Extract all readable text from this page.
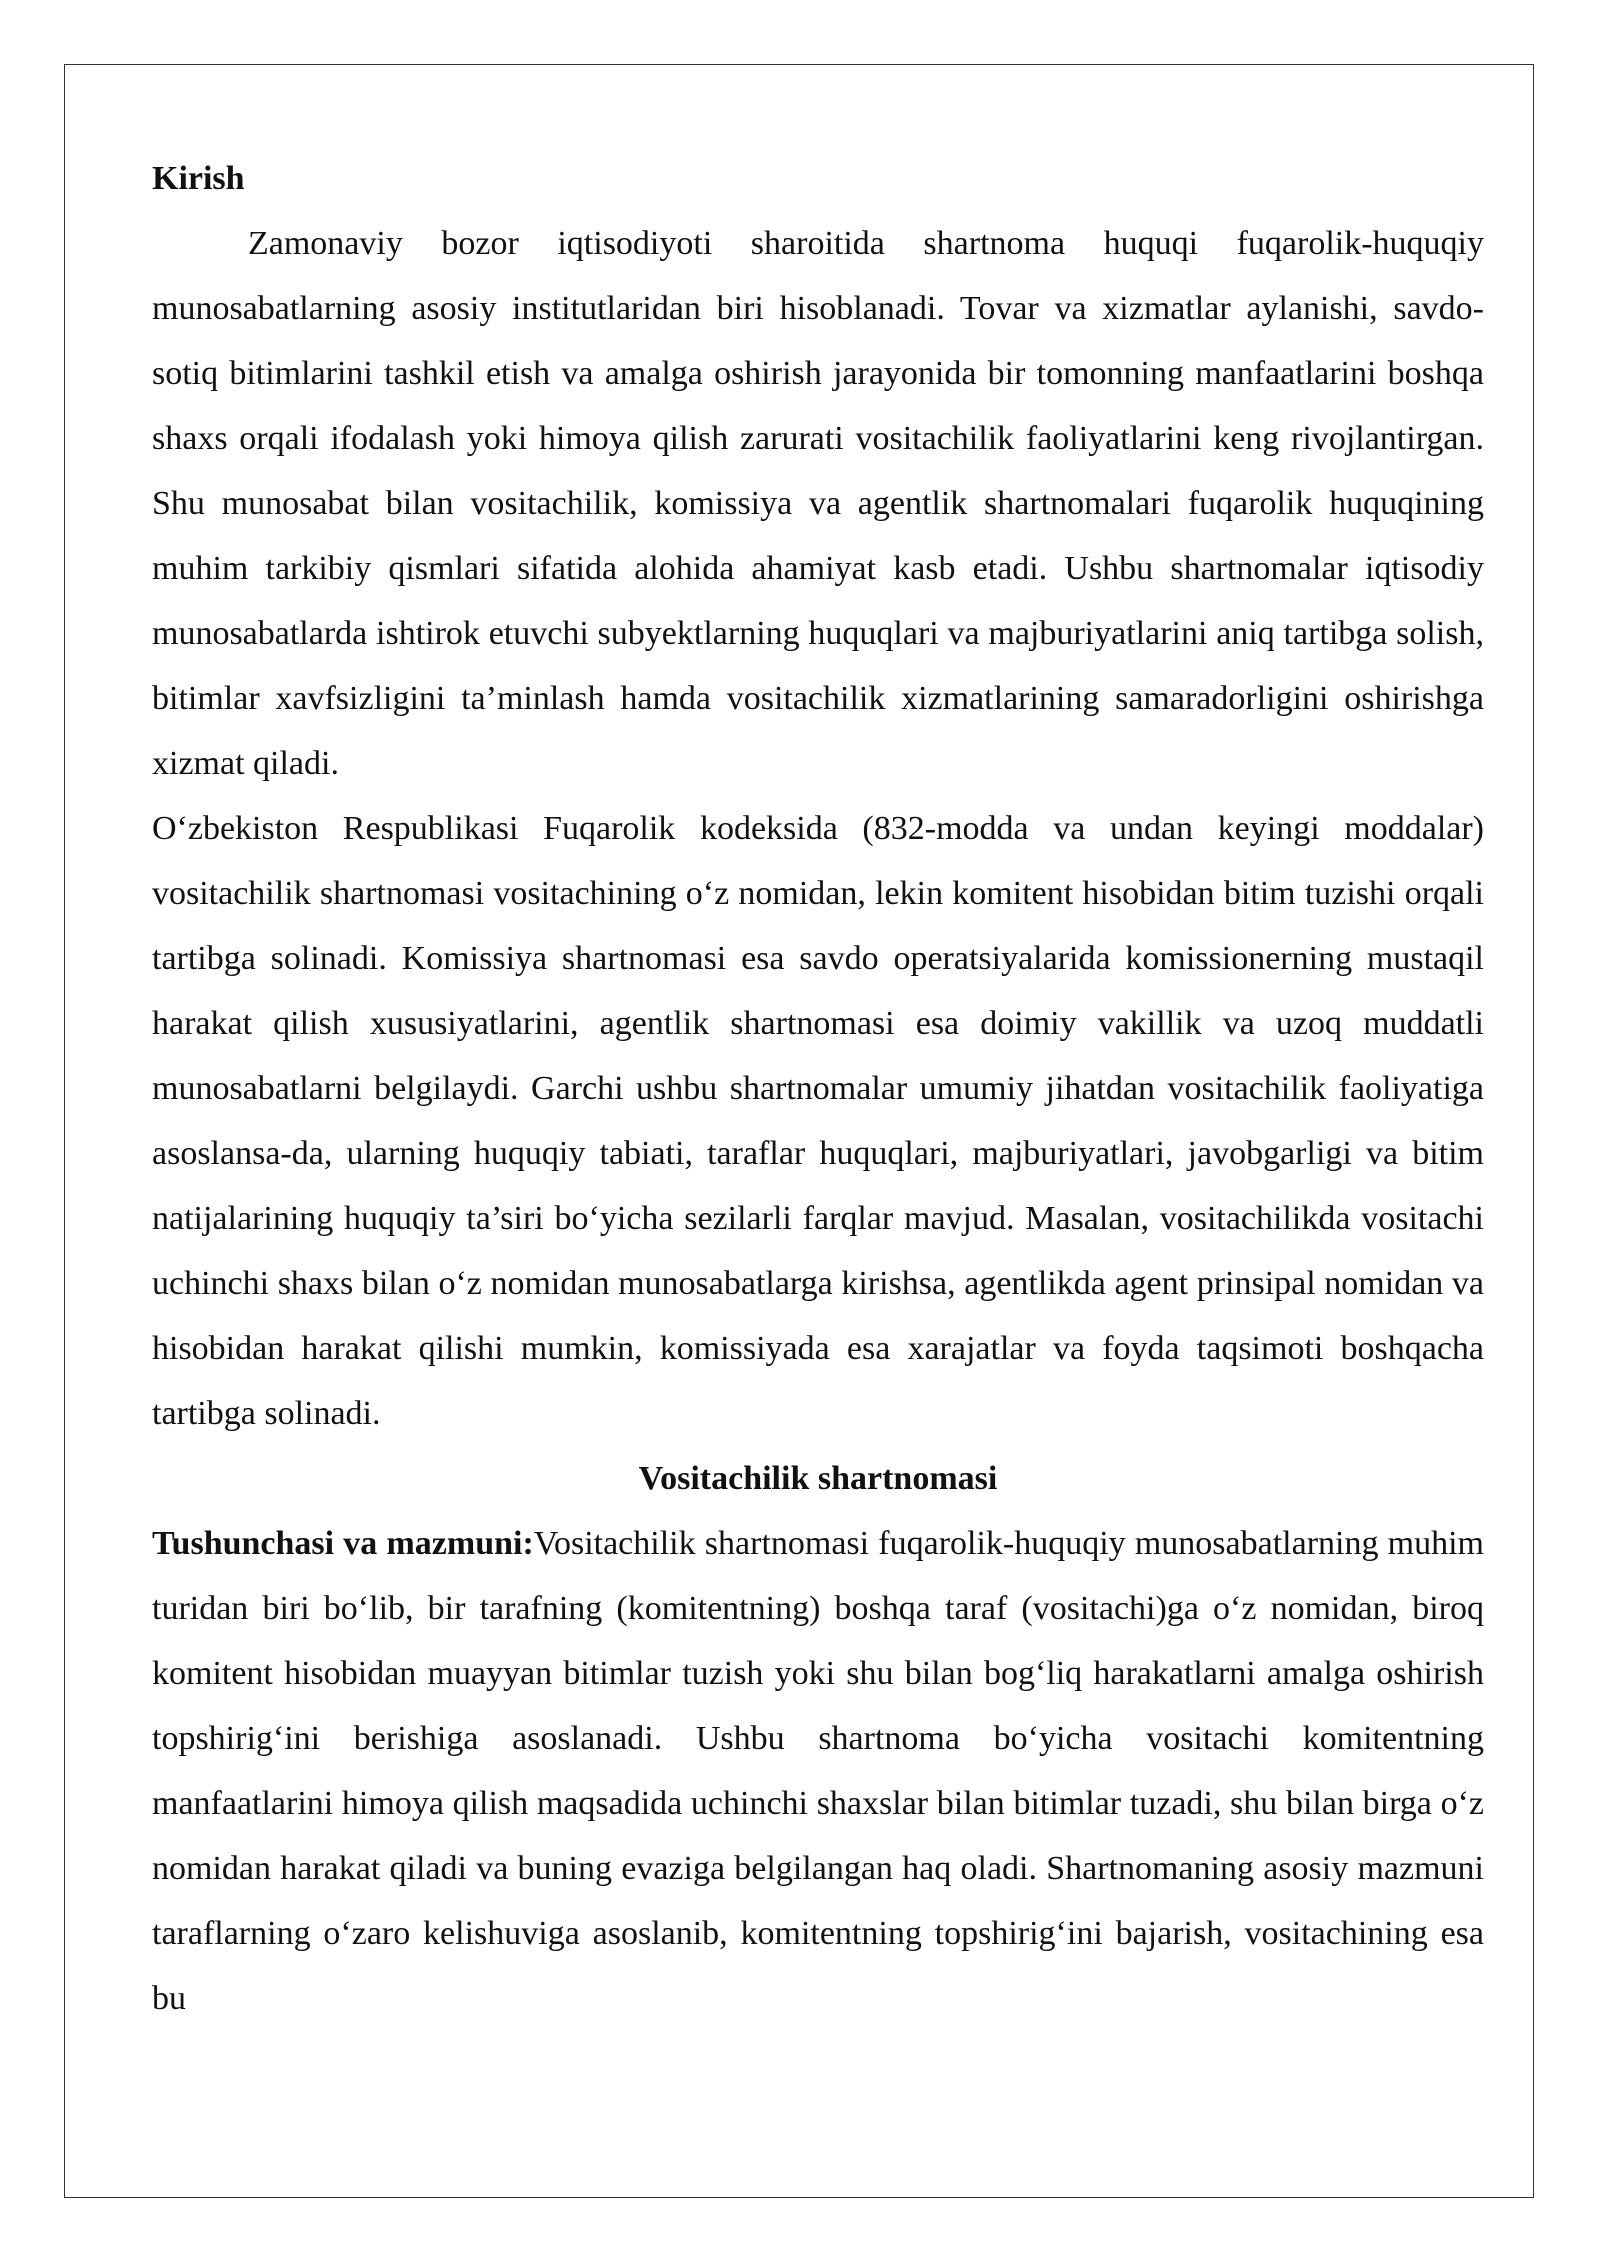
Kirish

Zamonaviy bozor iqtisodiyoti sharoitida shartnoma huquqi fuqarolik-huquqiy munosabatlarning asosiy institutlaridan biri hisoblanadi. Tovar va xizmatlar aylanishi, savdo-sotiq bitimlarini tashkil etish va amalga oshirish jarayonida bir tomonning manfaatlarini boshqa shaxs orqali ifodalash yoki himoya qilish zarurati vositachilik faoliyatlarini keng rivojlantirgan. Shu munosabat bilan vositachilik, komissiya va agentlik shartnomalari fuqarolik huquqining muhim tarkibiy qismlari sifatida alohida ahamiyat kasb etadi. Ushbu shartnomalar iqtisodiy munosabatlarda ishtirok etuvchi subyektlarning huquqlari va majburiyatlarini aniq tartibga solish, bitimlar xavfsizligini ta’minlash hamda vositachilik xizmatlarining samaradorligini oshirishga xizmat qiladi.

O‘zbekiston Respublikasi Fuqarolik kodeksida (832-modda va undan keyingi moddalar) vositachilik shartnomasi vositachining o‘z nomidan, lekin komitent hisobidan bitim tuzishi orqali tartibga solinadi. Komissiya shartnomasi esa savdo operatsiyalarida komissionerning mustaqil harakat qilish xususiyatlarini, agentlik shartnomasi esa doimiy vakillik va uzoq muddatli munosabatlarni belgilaydi. Garchi ushbu shartnomalar umumiy jihatdan vositachilik faoliyatiga asoslansa-da, ularning huquqiy tabiati, taraflar huquqlari, majburiyatlari, javobgarligi va bitim natijalarining huquqiy ta’siri bo‘yicha sezilarli farqlar mavjud. Masalan, vositachilikda vositachi uchinchi shaxs bilan o‘z nomidan munosabatlarga kirishsa, agentlikda agent prinsipal nomidan va hisobidan harakat qilishi mumkin, komissiyada esa xarajatlar va foyda taqsimoti boshqacha tartibga solinadi.

Vositachilik shartnomasi

Tushunchasi va mazmuni:Vositachilik shartnomasi fuqarolik-huquqiy munosabatlarning muhim turidan biri bo‘lib, bir tarafning (komitentning) boshqa taraf (vositachi)ga o‘z nomidan, biroq komitent hisobidan muayyan bitimlar tuzish yoki shu bilan bog‘liq harakatlarni amalga oshirish topshirig‘ini berishiga asoslanadi. Ushbu shartnoma bo‘yicha vositachi komitentning manfaatlarini himoya qilish maqsadida uchinchi shaxslar bilan bitimlar tuzadi, shu bilan birga o‘z nomidan harakat qiladi va buning evaziga belgilangan haq oladi. Shartnomaning asosiy mazmuni taraflarning o‘zaro kelishuviga asoslanib, komitentning topshirig‘ini bajarish, vositachining esa bu
